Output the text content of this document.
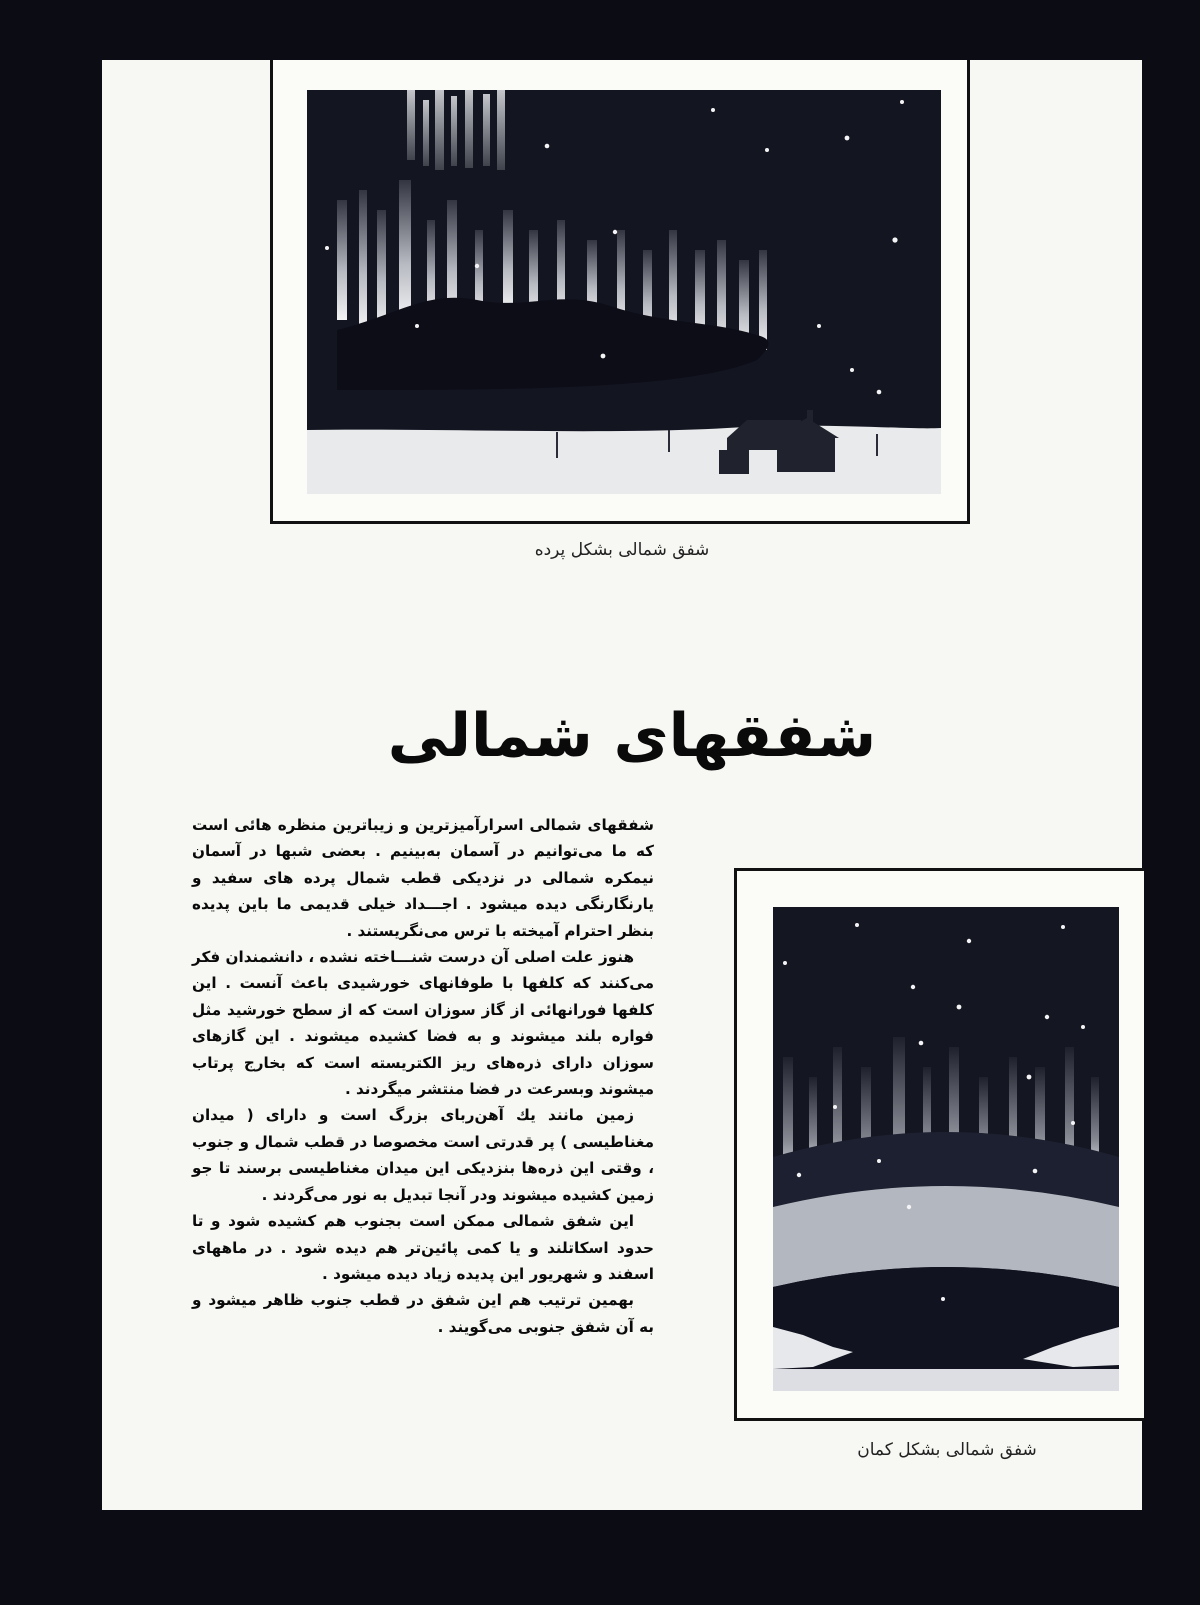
شفق شمالی بشکل پرده
شفقهای شمالی

شفقهای شمالی اسرارآمیزترین و زیباترین منظره هائی است که ما می‌توانیم در آسمان به‌بینیم . بعضی شبها در آسمان نیمکره شمالی در نزدیکی قطب شمال پرده های سفید و یارنگارنگی دیده میشود . اجـــداد خیلی قدیمی ما باین پدیده بنظر احترام آمیخته با ترس می‌نگریستند .

هنوز علت اصلی آن درست شنـــاخته نشده ، دانشمندان فکر می‌کنند که کلفها با طوفانهای خورشیدی باعث آنست . این کلفها فورانهائی از گاز سوزان است که از سطح خورشید مثل فواره بلند میشوند و به فضا کشیده میشوند . این گازهای سوزان دارای ذره‌های ریز الکتریسته است که بخارج پرتاب میشوند وبسرعت در فضا منتشر میگردند .

زمین مانند یك آهن‌ربای بزرگ است و دارای ( میدان مغناطیسی ) پر قدرتی است مخصوصا در قطب شمال و جنوب ، وقتی این ذره‌ها بنزدیکی این میدان مغناطیسی برسند تا جو زمین کشیده میشوند ودر آنجا تبدیل به نور می‌گردند .

این شفق شمالی ممکن است بجنوب هم کشیده شود و تا حدود اسکاتلند و یا کمی پائین‌تر هم دیده شود . در ماههای اسفند و شهریور این پدیده زیاد دیده میشود .

بهمین ترتیب هم این شفق در قطب جنوب ظاهر میشود و به آن شفق جنوبی می‌گویند .

شفق شمالی بشکل کمان
